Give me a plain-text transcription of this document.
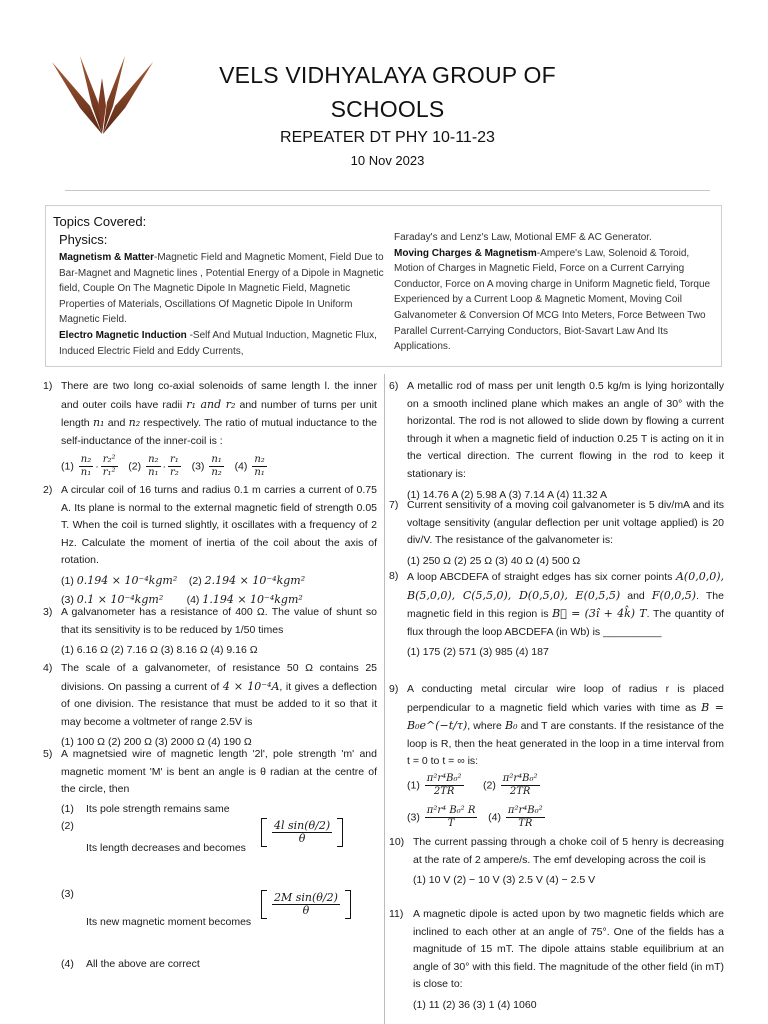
VELS VIDHYALAYA GROUP OF SCHOOLS
REPEATER DT PHY 10-11-23
10 Nov 2023
Topics Covered:
Physics:
Magnetism & Matter-Magnetic Field and Magnetic Moment, Field Due to Bar-Magnet and Magnetic lines , Potential Energy of a Dipole in Magnetic field, Couple On The Magnetic Dipole In Magnetic Field, Magnetic Properties of Materials, Oscillations Of Magnetic Dipole In Uniform Magnetic Field.
Electro Magnetic Induction -Self And Mutual Induction, Magnetic Flux, Induced Electric Field and Eddy Currents,
Faraday's and Lenz's Law, Motional EMF & AC Generator.
Moving Charges & Magnetism-Ampere's Law, Solenoid & Toroid, Motion of Charges in Magnetic Field, Force on a Current Carrying Conductor, Force on A moving charge in Uniform Magnetic field, Torque Experienced by a Current Loop & Magnetic Moment, Moving Coil Galvanometer & Conversion Of MCG Into Meters, Force Between Two Parallel Current-Carrying Conductors, Biot-Savart Law And Its Applications.
1) There are two long co-axial solenoids of same length l. the inner and outer coils have radii r₁ and r₂ and number of turns per unit length n₁ and n₂ respectively. The ratio of mutual inductance to the self-inductance of the inner-coil is :
$(1) \frac{\text{n₂}}{\text{n₁}} \cdot \frac{\text{r₂²}}{\text{r₁²}} (2) \frac{\text{n₂}}{\text{n₁}} \cdot \frac{\text{r₁}}{\text{r₂}} (3) \frac{\text{n₁}}{\text{n₂}} (4) \frac{\text{n₂}}{\text{n₁}}$
2) A circular coil of 16 turns and radius 0.1 m carries a current of 0.75 A. Its plane is normal to the external magnetic field of strength 0.05 T. When the coil is turned slightly, it oscillates with a frequency of 2 Hz. Calculate the moment of inertia of the coil about the axis of rotation.
(1) 0.194 × 10⁻⁴kgm² (2) 2.194 × 10⁻⁴kgm²
(3) 0.1 × 10⁻⁴kgm² (4) 1.194 × 10⁻⁴kgm²
3) A galvanometer has a resistance of 400 Ω. The value of shunt so that its sensitivity is to be reduced by 1/50 times
(1) 6.16 Ω (2) 7.16 Ω (3) 8.16 Ω (4) 9.16 Ω
4) The scale of a galvanometer, of resistance 50 Ω contains 25 divisions. On passing a current of 4 × 10⁻⁴A, it gives a deflection of one division. The resistance that must be added to it so that it may become a voltmeter of range 2.5V is
(1) 100 Ω (2) 200 Ω (3) 2000 Ω (4) 190 Ω
5) A magnetsied wire of magnetic length '2l', pole strength 'm' and magnetic moment 'M' is bent an angle is θ radian at the centre of the circle, then
(1) Its pole strength remains same
(2)
Its length decreases and becomes
$\frac{\text{4l sin(θ/2)}}{\theta}$
(3)
Its new magnetic moment becomes
$\frac{\text{2M sin(θ/2)}}{\theta}$
(4) All the above are correct
6) A metallic rod of mass per unit length 0.5 kg/m is lying horizontally on a smooth inclined plane which makes an angle of 30° with the horizontal. The rod is not allowed to slide down by flowing a current through it when a magnetic field of induction 0.25 T is acting on it in the vertical direction. The current flowing in the rod to keep it stationary is:
(1) 14.76 A (2) 5.98 A (3) 7.14 A (4) 11.32 A
7) Current sensitivity of a moving coil galvanometer is 5 div/mA and its voltage sensitivity (angular deflection per unit voltage applied) is 20 div/V. The resistance of the galvanometer is:
(1) 250 Ω (2) 25 Ω (3) 40 Ω (4) 500 Ω
8) A loop ABCDEFA of straight edges has six corner points A(0,0,0), B(5,0,0), C(5,5,0), D(0,5,0), E(0,5,5) and F(0,0,5). The magnetic field in this region is B⃗ = (3î + 4k̂) T. The quantity of flux through the loop ABCDEFA (in Wb) is __________
(1) 175 (2) 571 (3) 985 (4) 187
9) A conducting metal circular wire loop of radius r is placed perpendicular to a magnetic field which varies with time as B = B₀e^(−t/τ), where B₀ and T are constants. If the resistance of the loop is R, then the heat generated in the loop in a time interval from t = 0 to t = ∞ is:
$(1) \frac{\text{π²r⁴B₀²}}{2TR} (2) \frac{\text{π²r⁴B₀²}}{2TR}$
$(3) \frac{\text{π²r⁴ B₀² R}}{T} (4) \frac{\text{π²r⁴B₀²}}{TR}$
10) The current passing through a choke coil of 5 henry is decreasing at the rate of 2 ampere/s. The emf developing across the coil is
(1) 10 V (2) − 10 V (3) 2.5 V (4) − 2.5 V
11) A magnetic dipole is acted upon by two magnetic fields which are inclined to each other at an angle of 75°. One of the fields has a magnitude of 15 mT. The dipole attains stable equilibrium at an angle of 30° with this field. The magnitude of the other field (in mT) is close to:
(1) 11 (2) 36 (3) 1 (4) 1060
